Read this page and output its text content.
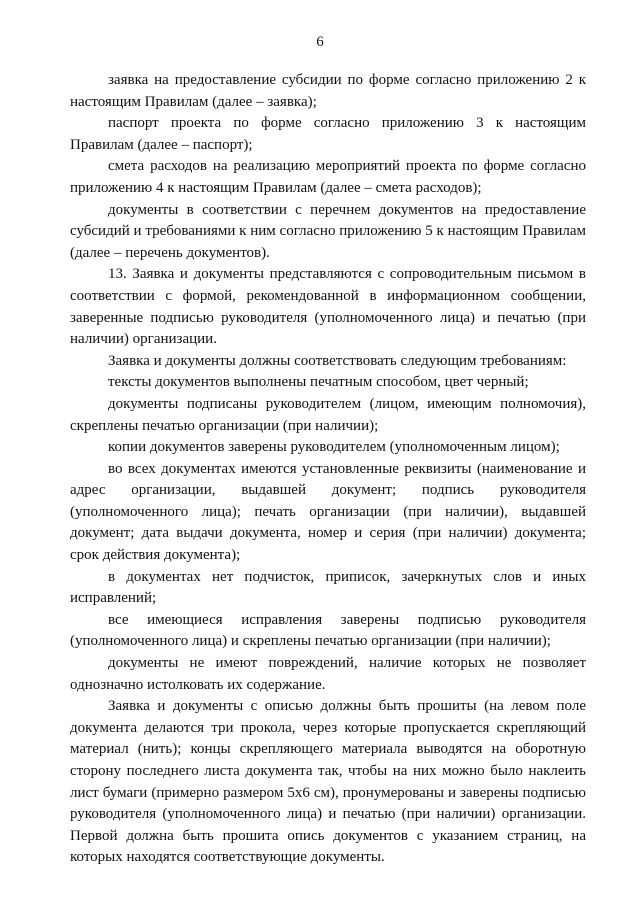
6

заявка на предоставление субсидии по форме согласно приложению 2 к настоящим Правилам (далее – заявка);

паспорт проекта по форме согласно приложению 3 к настоящим Правилам (далее – паспорт);

смета расходов на реализацию мероприятий проекта по форме согласно приложению 4 к настоящим Правилам (далее – смета расходов);

документы в соответствии с перечнем документов на предоставление субсидий и требованиями к ним согласно приложению 5 к настоящим Правилам (далее – перечень документов).

13. Заявка и документы представляются с сопроводительным письмом в соответствии с формой, рекомендованной в информационном сообщении, заверенные подписью руководителя (уполномоченного лица) и печатью (при наличии) организации.

Заявка и документы должны соответствовать следующим требованиям:

тексты документов выполнены печатным способом, цвет черный;

документы подписаны руководителем (лицом, имеющим полномочия), скреплены печатью организации (при наличии);

копии документов заверены руководителем (уполномоченным лицом);

во всех документах имеются установленные реквизиты (наименование и адрес организации, выдавшей документ; подпись руководителя (уполномоченного лица); печать организации (при наличии), выдавшей документ; дата выдачи документа, номер и серия (при наличии) документа; срок действия документа);

в документах нет подчисток, приписок, зачеркнутых слов и иных исправлений;

все имеющиеся исправления заверены подписью руководителя (уполномоченного лица) и скреплены печатью организации (при наличии);

документы не имеют повреждений, наличие которых не позволяет однозначно истолковать их содержание.

Заявка и документы с описью должны быть прошиты (на левом поле документа делаются три прокола, через которые пропускается скрепляющий материал (нить); концы скрепляющего материала выводятся на оборотную сторону последнего листа документа так, чтобы на них можно было наклеить лист бумаги (примерно размером 5х6 см), пронумерованы и заверены подписью руководителя (уполномоченного лица) и печатью (при наличии) организации. Первой должна быть прошита опись документов с указанием страниц, на которых находятся соответствующие документы.
